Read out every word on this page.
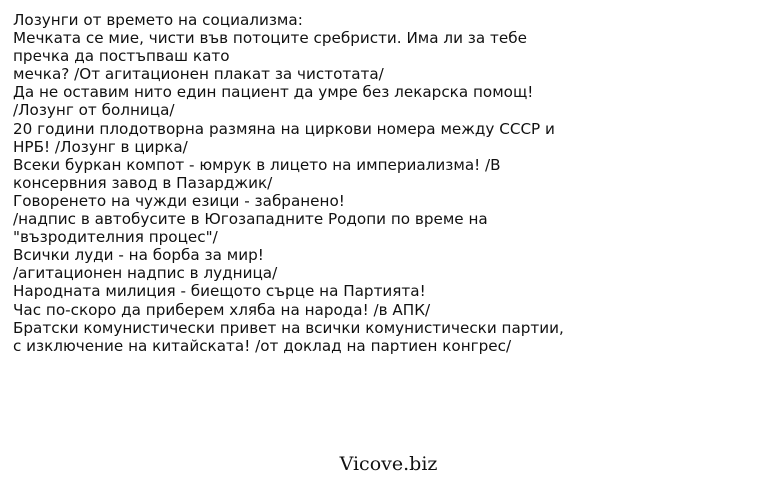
Лозунги от времето на социализма:
Мечката се мие, чисти във потоците сребристи. Има ли за тебе
пречка да постъпваш като
мечка? /От агитационен плакат за чистотата/
Да не оставим нито един пациент да умре без лекарска помощ!
/Лозунг от болница/
20 години плодотворна размяна на циркови номера между СССР и
НРБ! /Лозунг в цирка/
Всеки буркан компот - юмрук в лицето на империализма! /В
консервния завод в Пазарджик/
Говоренето на чужди езици - забранено!
/надпис в автобусите в Югозападните Родопи по време на
"възродителния процес"/
Всички луди - на борба за мир!
/агитационен надпис в лудница/
Народната милиция - биещото сърце на Партията!
Час по-скоро да приберем хляба на народа! /в АПК/
Братски комунистически привет на всички комунистически партии,
с изключение на китайската! /от доклад на партиен конгрес/
Vicove.biz
